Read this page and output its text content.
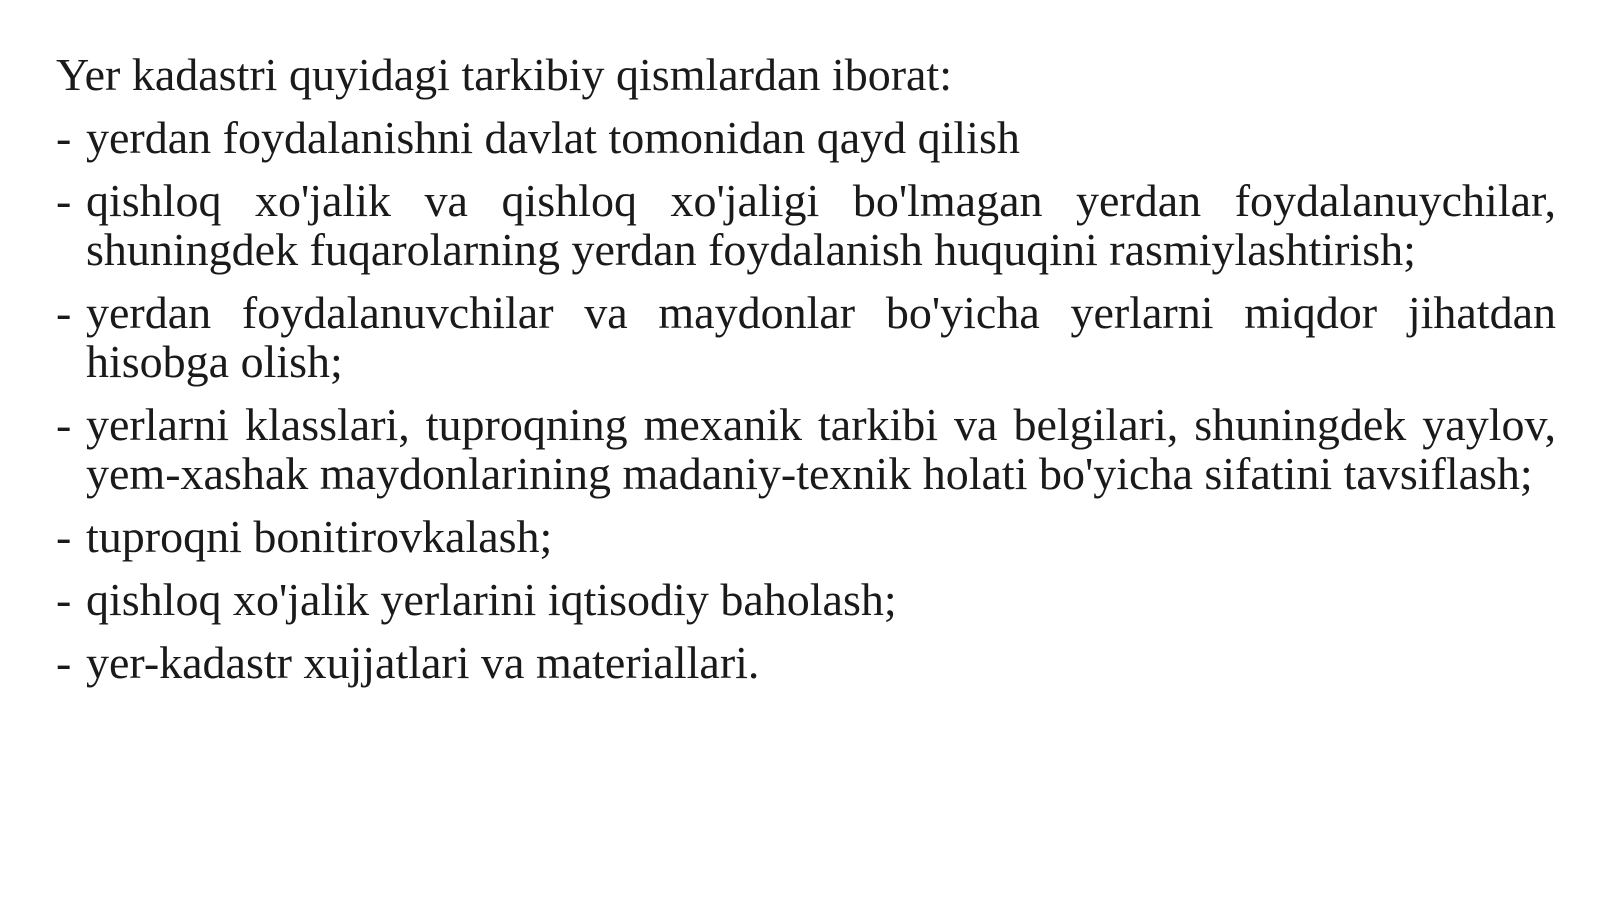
Yer kadastri quyidagi tarkibiy qismlardan iborat:

- yerdan foydalanishni davlat tomonidan qayd qilish
- qishloq xo'jalik va qishloq xo'jaligi bo'lmagan yerdan foydalanuychilar, shuningdek fuqarolarning yerdan foydalanish huquqini rasmiylashtirish;
- yerdan foydalanuvchilar va maydonlar bo'yicha yerlarni miqdor jihatdan hisobga olish;
- yerlarni klasslari, tuproqning mexanik tarkibi va belgilari, shuningdek yaylov, yem-xashak maydonlarining madaniy-texnik holati bo'yicha sifatini tavsiflash;
- tuproqni bonitirovkalash;
- qishloq xo'jalik yerlarini iqtisodiy baholash;
- yer-kadastr xujjatlari va materiallari.
